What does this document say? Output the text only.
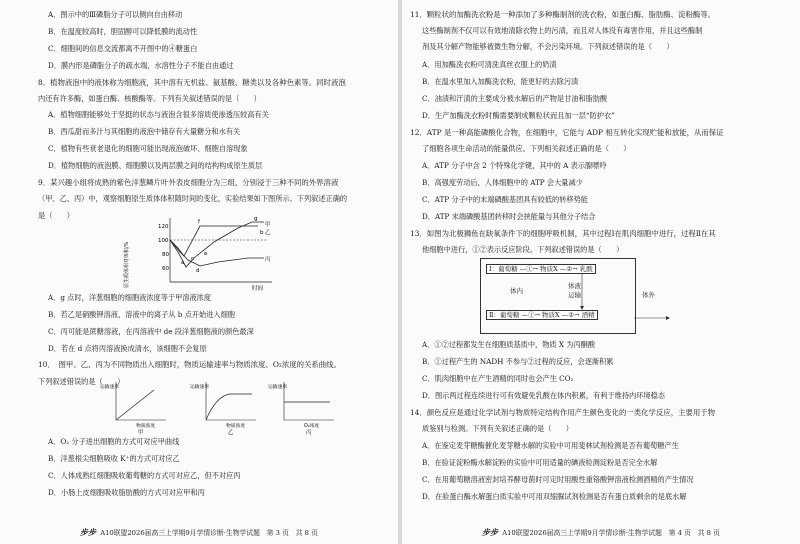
A．图示中的Ⅲ磷脂分子可以侧向自由移动
B．在温度较高时，胆固醇可以降低膜的流动性
C．细胞间的信息交流都离不开图中的④糖蛋白
D．膜内形是磷脂分子的疏水端，水溶性分子不能自由通过
8．植物液泡中的液体称为细胞液，其中溶有无机盐、氨基酸、糖类以及各种色素等。同时液泡
内还有许多酶，如蛋白酶、核酸酶等。下列有关叙述错误的是（　　）
A．植物细胞能够处于坚挺的状态与液泡含很多溶质使渗透压较高有关
B．西瓜甜而多汁与其细胞的液泡中储存有大量糖分和水有关
C．植物有些衰老退化的细胞可能出现液泡破坏、细胞自溶现象
D．植物细胞的液泡膜、细胞膜以及两层膜之间的结构构成原生质层
9．某兴趣小组将成熟的紫色洋葱鳞片叶外表皮细胞分为三组，分别浸于三种不同的外界溶液
（甲、乙、丙）中，观察细胞原生质体体积随时间的变化，实验结果如下图所示。下列叙述正确的
是（　　）
原生质体相对体积/%
120
100
80
60
f	g
b
a
c
e
d
甲
乙
丙
时间
A．g 点时，洋葱细胞的细胞液浓度等于甲溶液浓度
B．若乙是硝酸钾溶液，溶液中的离子从 b 点开始进入细胞
C．丙可能是蔗糖溶液，在丙溶液中 de 段洋葱细胞液的颜色最深
D．若在 d 点将丙溶液换成清水，该细胞不会复原
10．　图甲、乙、丙为不同物质出入细胞时，物质运输速率与物质浓度、O₂浓度的关系曲线。
下列叙述错误的是（　　）
运输速率
物质浓度
甲
运输速率
物质浓度
乙
运输速率
O₂浓度
丙
A．O₂ 分子进出细胞的方式可对应甲曲线
B．洋葱根尖细胞吸收 K⁺的方式可对应乙
C．人体成熟红细胞吸收葡萄糖的方式可对应乙，但不对应丙
D．小肠上皮细胞吸收脂肪酸的方式可对应甲和丙
步步 A10联盟2026届高三上学期9月学情诊断·生物学试题　第 3 页　共 8 页
11．颗粒状的加酶洗衣粉是一种添加了多种酶制剂的洗衣粉，如蛋白酶、脂肪酶、淀粉酶等。
这些酶制剂不仅可以有效地清除衣物上的污渍，而且对人体没有毒害作用，并且这些酶制
剂及其分解产物能够被微生物分解，不会污染环境。下列叙述错误的是（　　）
A．用加酶洗衣粉可清洗真丝衣服上的奶渍
B．在温水里加入加酶洗衣粉，能更好的去除污渍
C．油渍和汗渍的主要成分被水解后的产物是甘油和脂肪酸
D．生产加酶洗衣粉时酶需要制成颗粒状而且加一层“防护衣”
12．ATP 是一种高能磷酸化合物，在细胞中，它能与 ADP 相互转化实现贮能和放能，从而保证
了细胞各项生命活动的能量供应。下列相关叙述正确的是（　　）
A．ATP 分子中含 2 个特殊化学键，其中的 A 表示腺嘌呤
B．高强度劳动后，人体细胞中的 ATP 会大量减少
C．ATP 分子中的末端磷酸基团具有较低的转移势能
D．ATP 末端磷酸基团转移时会挟能量与其他分子结合
13．如图为北极狮鱼在缺氧条件下的细胞呼吸机制，其中过程Ⅰ在肌肉细胞中进行，过程Ⅱ在其
他细胞中进行，①②表示反应阶段。下列叙述错误的是（　　）
Ⅰ：葡萄糖 —①→ 物质X —②→ 乳酸
体内
体液
运输	体外
Ⅱ：葡萄糖 —①→ 物质X —②→ 酒精
A．①②过程都发生在细胞质基质中，物质 X 为丙酮酸
B．①过程产生的 NADH 不参与②过程的反应，会逐渐积累
C．肌肉细胞中在产生酒精的同时也会产生 CO₂
D．图示两过程连续进行可有效避免乳酸在体内积累，有利于维持内环境稳态
14．颜色反应是通过化学试剂与物质特定结构作用产生颜色变化的一类化学反应，主要用于物
质鉴别与检测。下列有关叙述正确的是（　　）
A．在鉴定麦芽糖酶催化麦芽糖水解的实验中可用斐林试剂检测是否有葡萄糖产生
B．在验证淀粉酶水解淀粉的实验中可用适量的碘液检测淀粉是否完全水解
C．在用葡萄糖溶液密封培养酵母菌时可定时用酸性重铬酸钾溶液检测酒精的产生情况
D．在验蛋白酶水解蛋白质实验中可用双缩脲试剂检测是否有蛋白质剩余的是底水解
步步 A10联盟2026届高三上学期9月学情诊断·生物学试题　第 4 页　共 8 页
